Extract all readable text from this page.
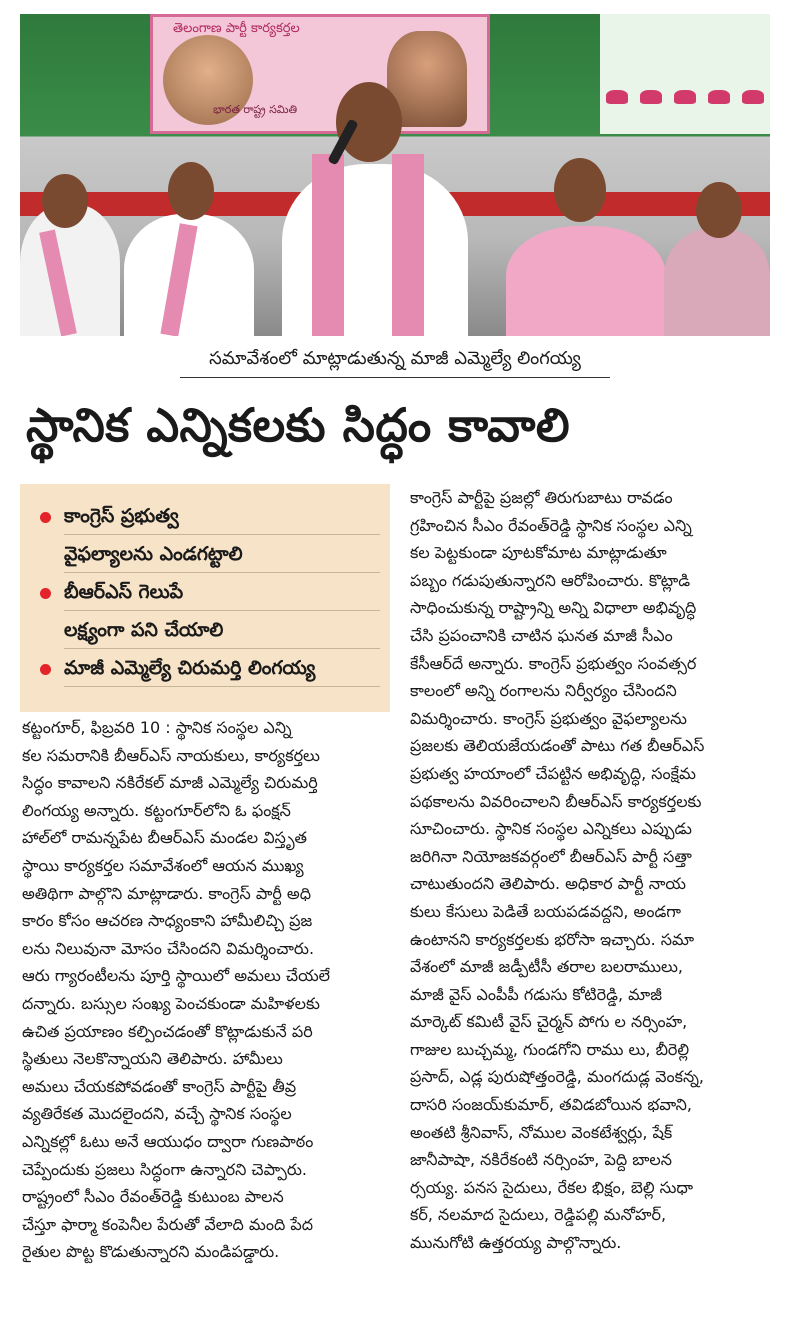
తెలంగాణ పార్టీ కార్యకర్తల
భారత రాష్ట్ర సమితి
సమావేశంలో మాట్లాడుతున్న మాజీ ఎమ్మెల్యే లింగయ్య
స్థానిక ఎన్నికలకు సిద్ధం కావాలి
కాంగ్రెస్ ప్రభుత్వ
వైఫల్యాలను ఎండగట్టాలి
బీఆర్ఎస్ గెలుపే
లక్ష్యంగా పని చేయాలి
మాజీ ఎమ్మెల్యే చిరుమర్తి లింగయ్య
కట్టంగూర్, ఫిబ్రవరి 10 : స్థానిక సంస్థల ఎన్ని
కల సమరానికి బీఆర్ఎస్ నాయకులు, కార్యకర్తలు
సిద్ధం కావాలని నకిరేకల్ మాజీ ఎమ్మెల్యే చిరుమర్తి
లింగయ్య అన్నారు. కట్టంగూర్‌లోని ఓ ఫంక్షన్
హాల్‌లో రామన్నపేట బీఆర్ఎస్ మండల విస్తృత
స్థాయి కార్యకర్తల సమావేశంలో ఆయన ముఖ్య
అతిథిగా పాల్గొని మాట్లాడారు. కాంగ్రెస్ పార్టీ అధి
కారం కోసం ఆచరణ సాధ్యంకాని హామీలిచ్చి ప్రజ
లను నిలువునా మోసం చేసిందని విమర్శించారు.
ఆరు గ్యారంటీలను పూర్తి స్థాయిలో అమలు చేయలే
దన్నారు. బస్సుల సంఖ్య పెంచకుండా మహిళలకు
ఉచిత ప్రయాణం కల్పించడంతో కొట్లాడుకునే పరి
స్థితులు నెలకొన్నాయని తెలిపారు. హామీలు
అమలు చేయకపోవడంతో కాంగ్రెస్ పార్టీపై తీవ్ర
వ్యతిరేకత మొదలైందని, వచ్చే స్థానిక సంస్థల
ఎన్నికల్లో ఓటు అనే ఆయుధం ద్వారా గుణపాఠం
చెప్పేందుకు ప్రజలు సిద్ధంగా ఉన్నారని చెప్పారు.
రాష్ట్రంలో సీఎం రేవంత్‌రెడ్డి కుటుంబ పాలన
చేస్తూ ఫార్మా కంపెనీల పేరుతో వేలాది మంది పేద
రైతుల పొట్ట కొడుతున్నారని మండిపడ్డారు.
కాంగ్రెస్ పార్టీపై ప్రజల్లో తిరుగుబాటు రావడం
గ్రహించిన సీఎం రేవంత్‌రెడ్డి స్థానిక సంస్థల ఎన్ని
కల పెట్టకుండా పూటకోమాట మాట్లాడుతూ
పబ్బం గడుపుతున్నారని ఆరోపించారు. కొట్లాడి
సాధించుకున్న రాష్ట్రాన్ని అన్ని విధాలా అభివృద్ధి
చేసి ప్రపంచానికి చాటిన ఘనత మాజీ సీఎం
కేసీఆర్‌దే అన్నారు. కాంగ్రెస్ ప్రభుత్వం సంవత్సర
కాలంలో అన్ని రంగాలను నిర్వీర్యం చేసిందని
విమర్శించారు. కాంగ్రెస్ ప్రభుత్వం వైఫల్యాలను
ప్రజలకు తెలియజేయడంతో పాటు గత బీఆర్ఎస్
ప్రభుత్వ హయాంలో చేపట్టిన అభివృద్ధి, సంక్షేమ
పథకాలను వివరించాలని బీఆర్ఎస్ కార్యకర్తలకు
సూచించారు. స్థానిక సంస్థల ఎన్నికలు ఎప్పుడు
జరిగినా నియోజకవర్గంలో బీఆర్ఎస్ పార్టీ సత్తా
చాటుతుందని తెలిపారు. అధికార పార్టీ నాయ
కులు కేసులు పెడితే బయపడవద్దని, అండగా
ఉంటానని కార్యకర్తలకు భరోసా ఇచ్చారు. సమా
వేశంలో మాజీ జడ్పీటీసీ తరాల బలరాములు,
మాజీ వైస్ ఎంపీపీ గడుసు కోటిరెడ్డి, మాజీ
మార్కెట్ కమిటీ వైస్ చైర్మన్ పోగు ల నర్సింహ,
గాజుల బుచ్చమ్మ, గుండగోని రాము లు, బీరెల్లి
ప్రసాద్, ఎడ్ల పురుషోత్తంరెడ్డి, మంగదుడ్ల వెంకన్న,
దాసరి సంజయ్‌కుమార్, తవిడబోయిన భవాని,
అంతటి శ్రీనివాస్, నోముల వెంకటేశ్వర్లు, షేక్
జానీపాషా, నకిరేకంటి నర్సింహ, పెద్ది బాలన
ర్సయ్య. పనస సైదులు, రేకల భిక్షం, బెల్లి సుధా
కర్, నలమాద సైదులు, రెడ్డిపల్లి మనోహర్,
మునుగోటి ఉత్తరయ్య పాల్గొన్నారు.
